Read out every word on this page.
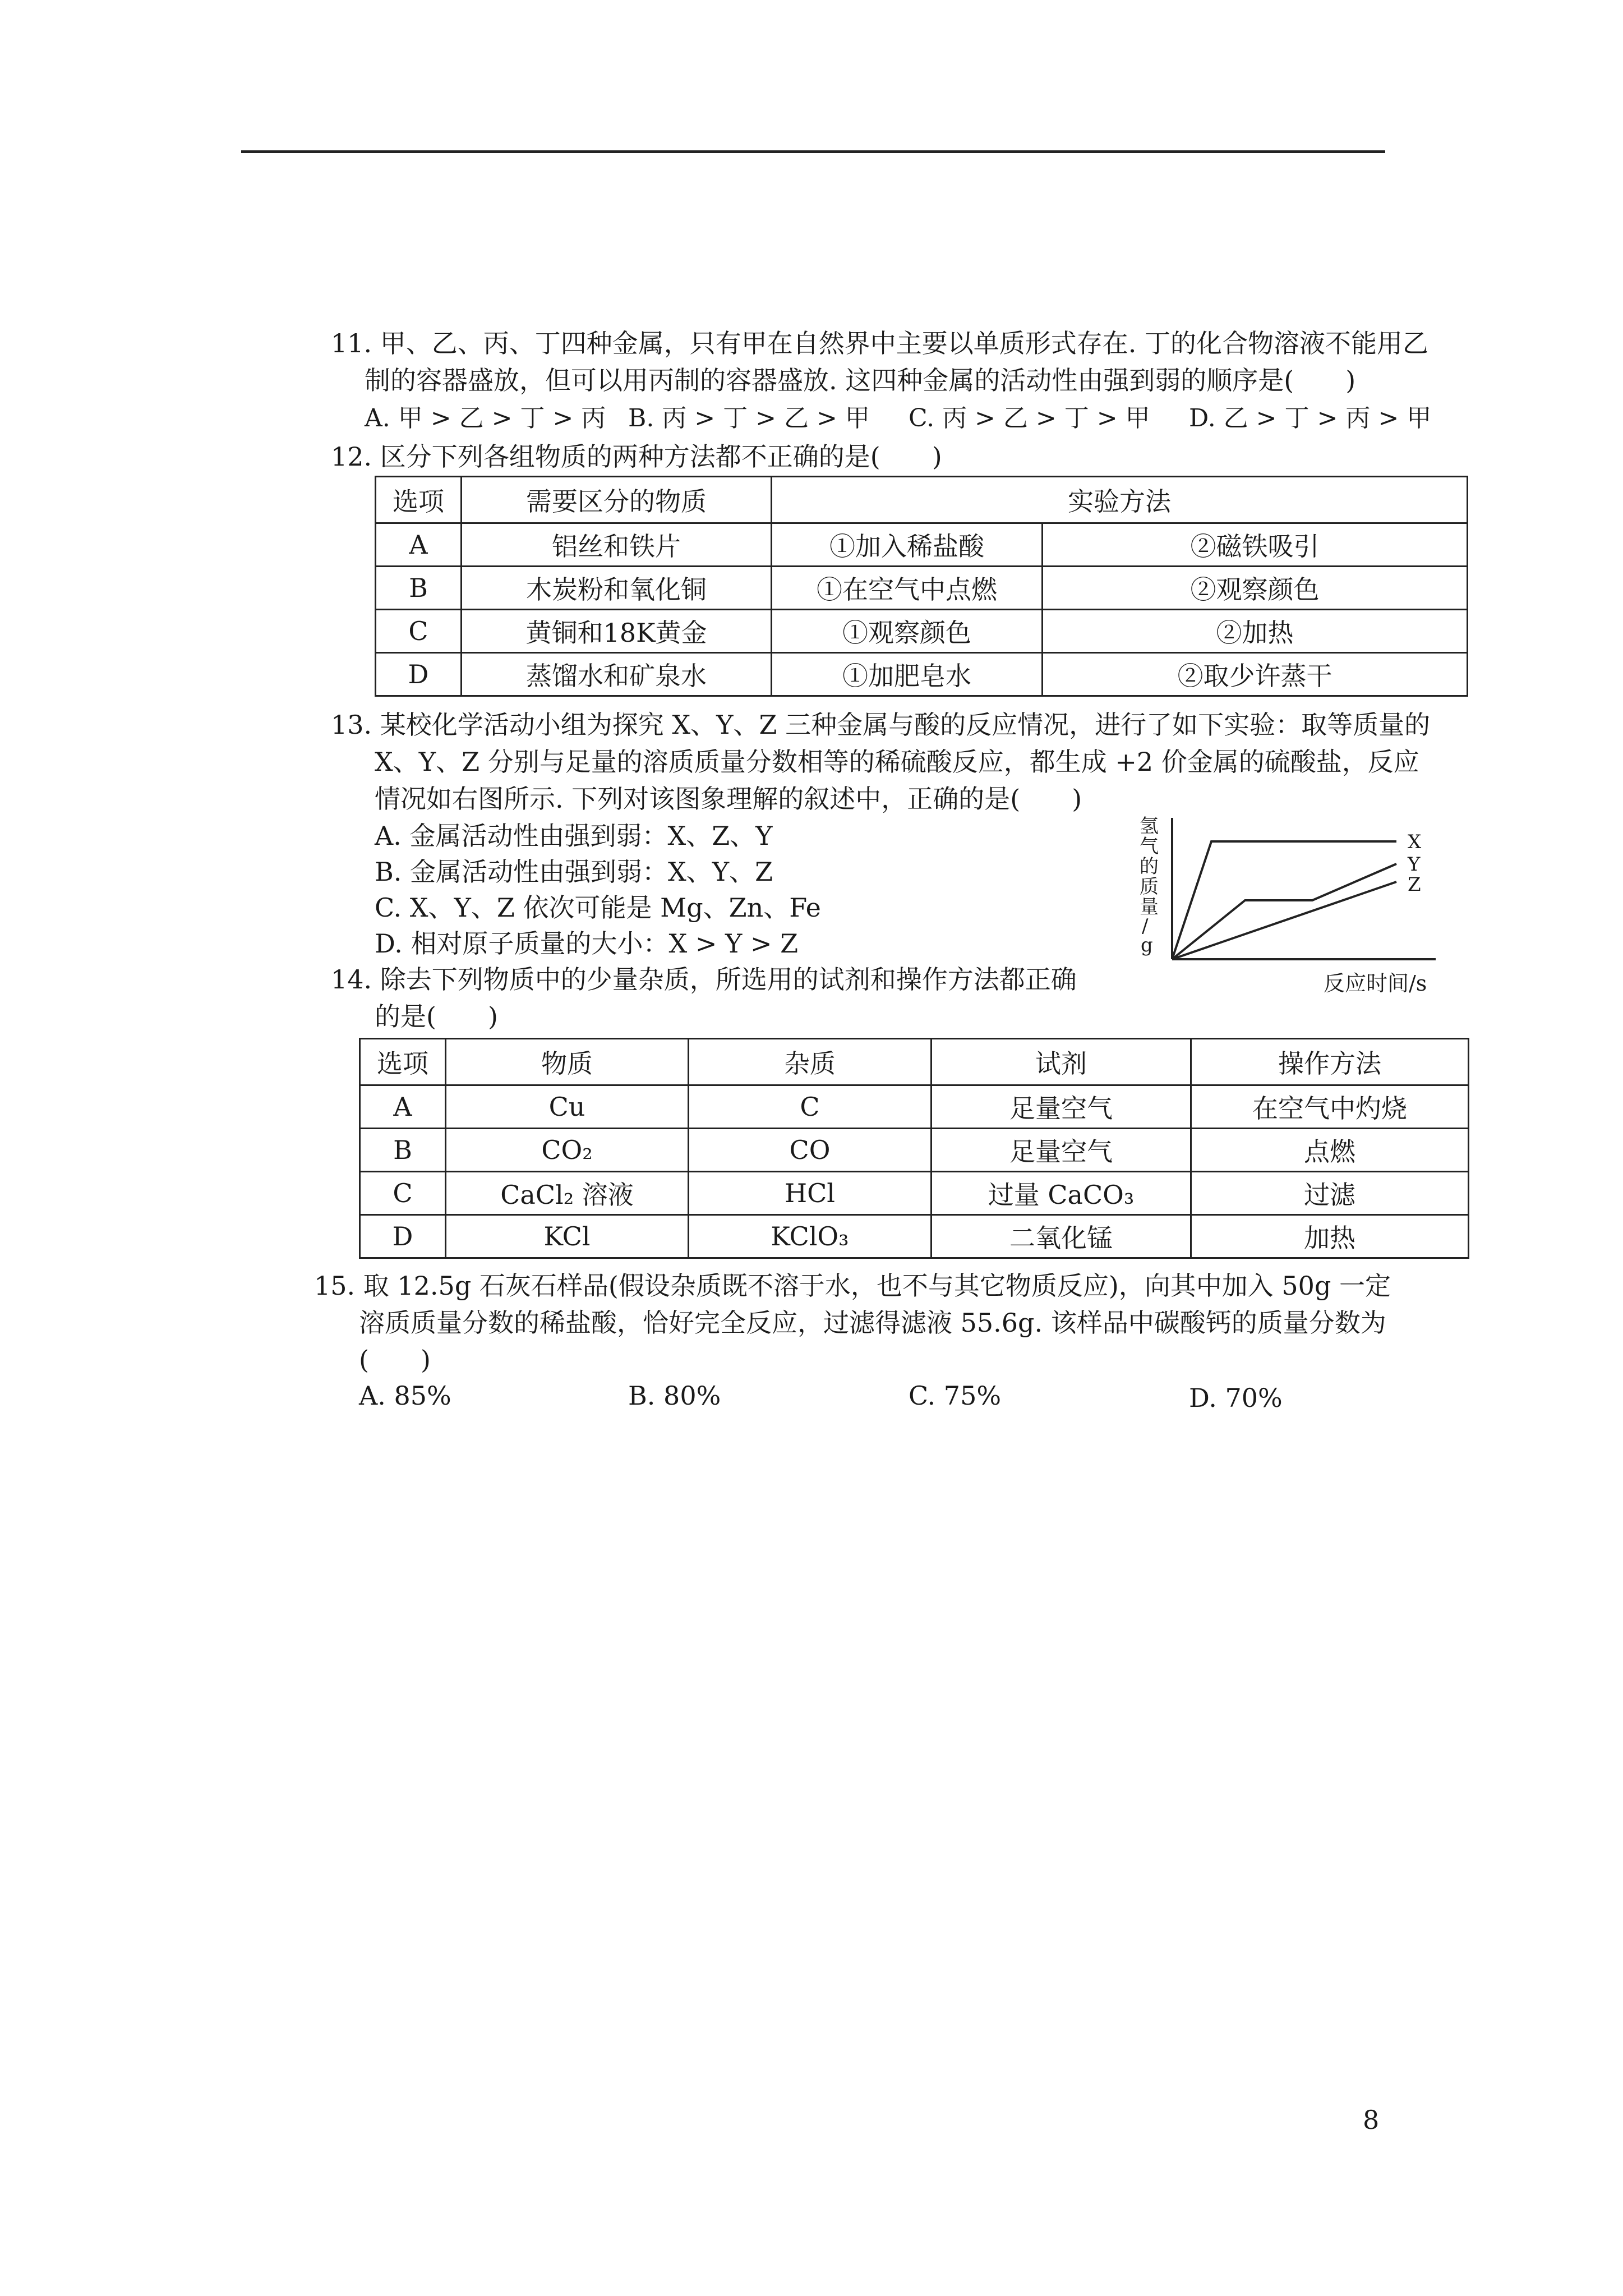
11. 甲、乙、丙、丁四种金属，只有甲在自然界中主要以单质形式存在. 丁的化合物溶液不能用乙
制的容器盛放，但可以用丙制的容器盛放. 这四种金属的活动性由强到弱的顺序是(　　)
A. 甲 > 乙 > 丁 > 丙 B. 丙 > 丁 > 乙 > 甲 C. 丙 > 乙 > 丁 > 甲 D. 乙 > 丁 > 丙 > 甲
12. 区分下列各组物质的两种方法都不正确的是(　　)
选项	需要区分的物质	实验方法	
A	铝丝和铁片	①加入稀盐酸	②磁铁吸引
B	木炭粉和氧化铜	①在空气中点燃	②观察颜色
C	黄铜和18K黄金	①观察颜色	②加热
D	蒸馏水和矿泉水	①加肥皂水	②取少许蒸干
13. 某校化学活动小组为探究 X、Y、Z 三种金属与酸的反应情况，进行了如下实验：取等质量的
X、Y、Z 分别与足量的溶质质量分数相等的稀硫酸反应，都生成 +2 价金属的硫酸盐，反应
情况如右图所示. 下列对该图象理解的叙述中，正确的是(　　)
A. 金属活动性由强到弱：X、Z、Y
B. 金属活动性由强到弱：X、Y、Z
C. X、Y、Z 依次可能是 Mg、Zn、Fe
D. 相对原子质量的大小：X > Y > Z
氢
气
的
质
量
/
g
X
Y
Z
反应时间/s
14. 除去下列物质中的少量杂质，所选用的试剂和操作方法都正确
的是(　　)
选项	物质	杂质	试剂	操作方法
A	Cu	C	足量空气	在空气中灼烧
B	CO₂	CO	足量空气	点燃
C	CaCl₂ 溶液	HCl	过量 CaCO₃	过滤
D	KCl	KClO₃	二氧化锰	加热
15. 取 12.5g 石灰石样品(假设杂质既不溶于水，也不与其它物质反应)，向其中加入 50g 一定
溶质质量分数的稀盐酸，恰好完全反应，过滤得滤液 55.6g. 该样品中碳酸钙的质量分数为
(　　)
A. 85%	B. 80%	C. 75%	D. 70%
8
